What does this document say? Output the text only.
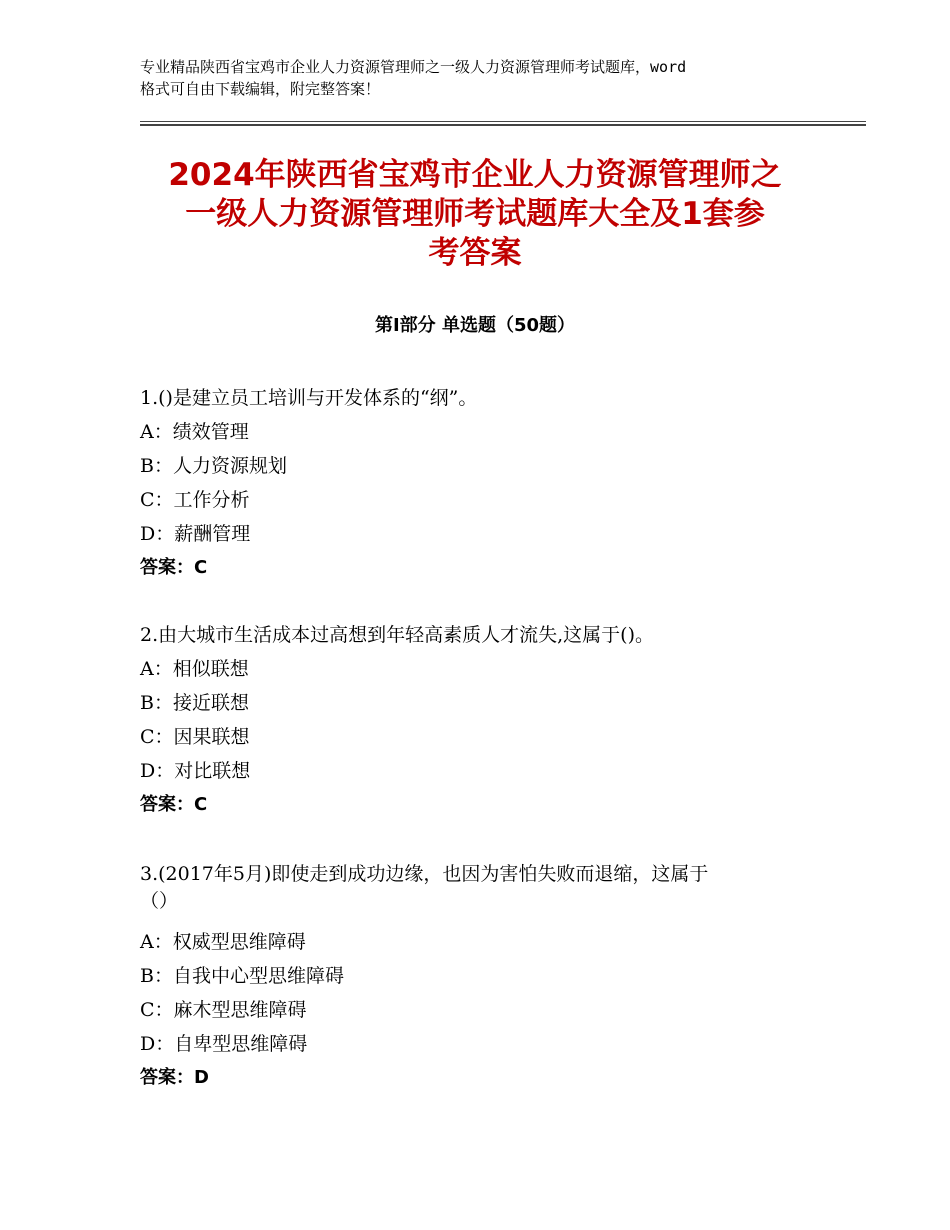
专业精品陕西省宝鸡市企业人力资源管理师之一级人力资源管理师考试题库，word
格式可自由下载编辑，附完整答案！
2024年陕西省宝鸡市企业人力资源管理师之
一级人力资源管理师考试题库大全及1套参
考答案
第Ⅰ部分 单选题（50题）
1.()是建立员工培训与开发体系的“纲”。
A：绩效管理
B：人力资源规划
C：工作分析
D：薪酬管理
答案：C
2.由大城市生活成本过高想到年轻高素质人才流失,这属于()。
A：相似联想
B：接近联想
C：因果联想
D：对比联想
答案：C
3.(2017年5月)即使走到成功边缘，也因为害怕失败而退缩，这属于
（）
A：权威型思维障碍
B：自我中心型思维障碍
C：麻木型思维障碍
D：自卑型思维障碍
答案：D
